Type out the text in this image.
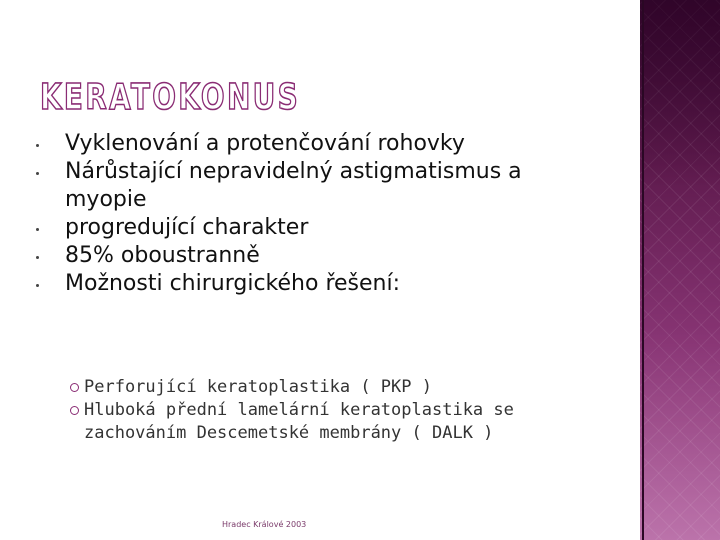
KERATOKONUS
Vyklenování a protenčování rohovky
Nárůstající nepravidelný astigmatismus a myopie
progredující charakter
85% oboustranně
Možnosti chirurgického řešení:
Perforující keratoplastika ( PKP )
Hluboká přední lamelární keratoplastika se zachováním Descemetské membrány ( DALK )
Hradec Králové 2003
